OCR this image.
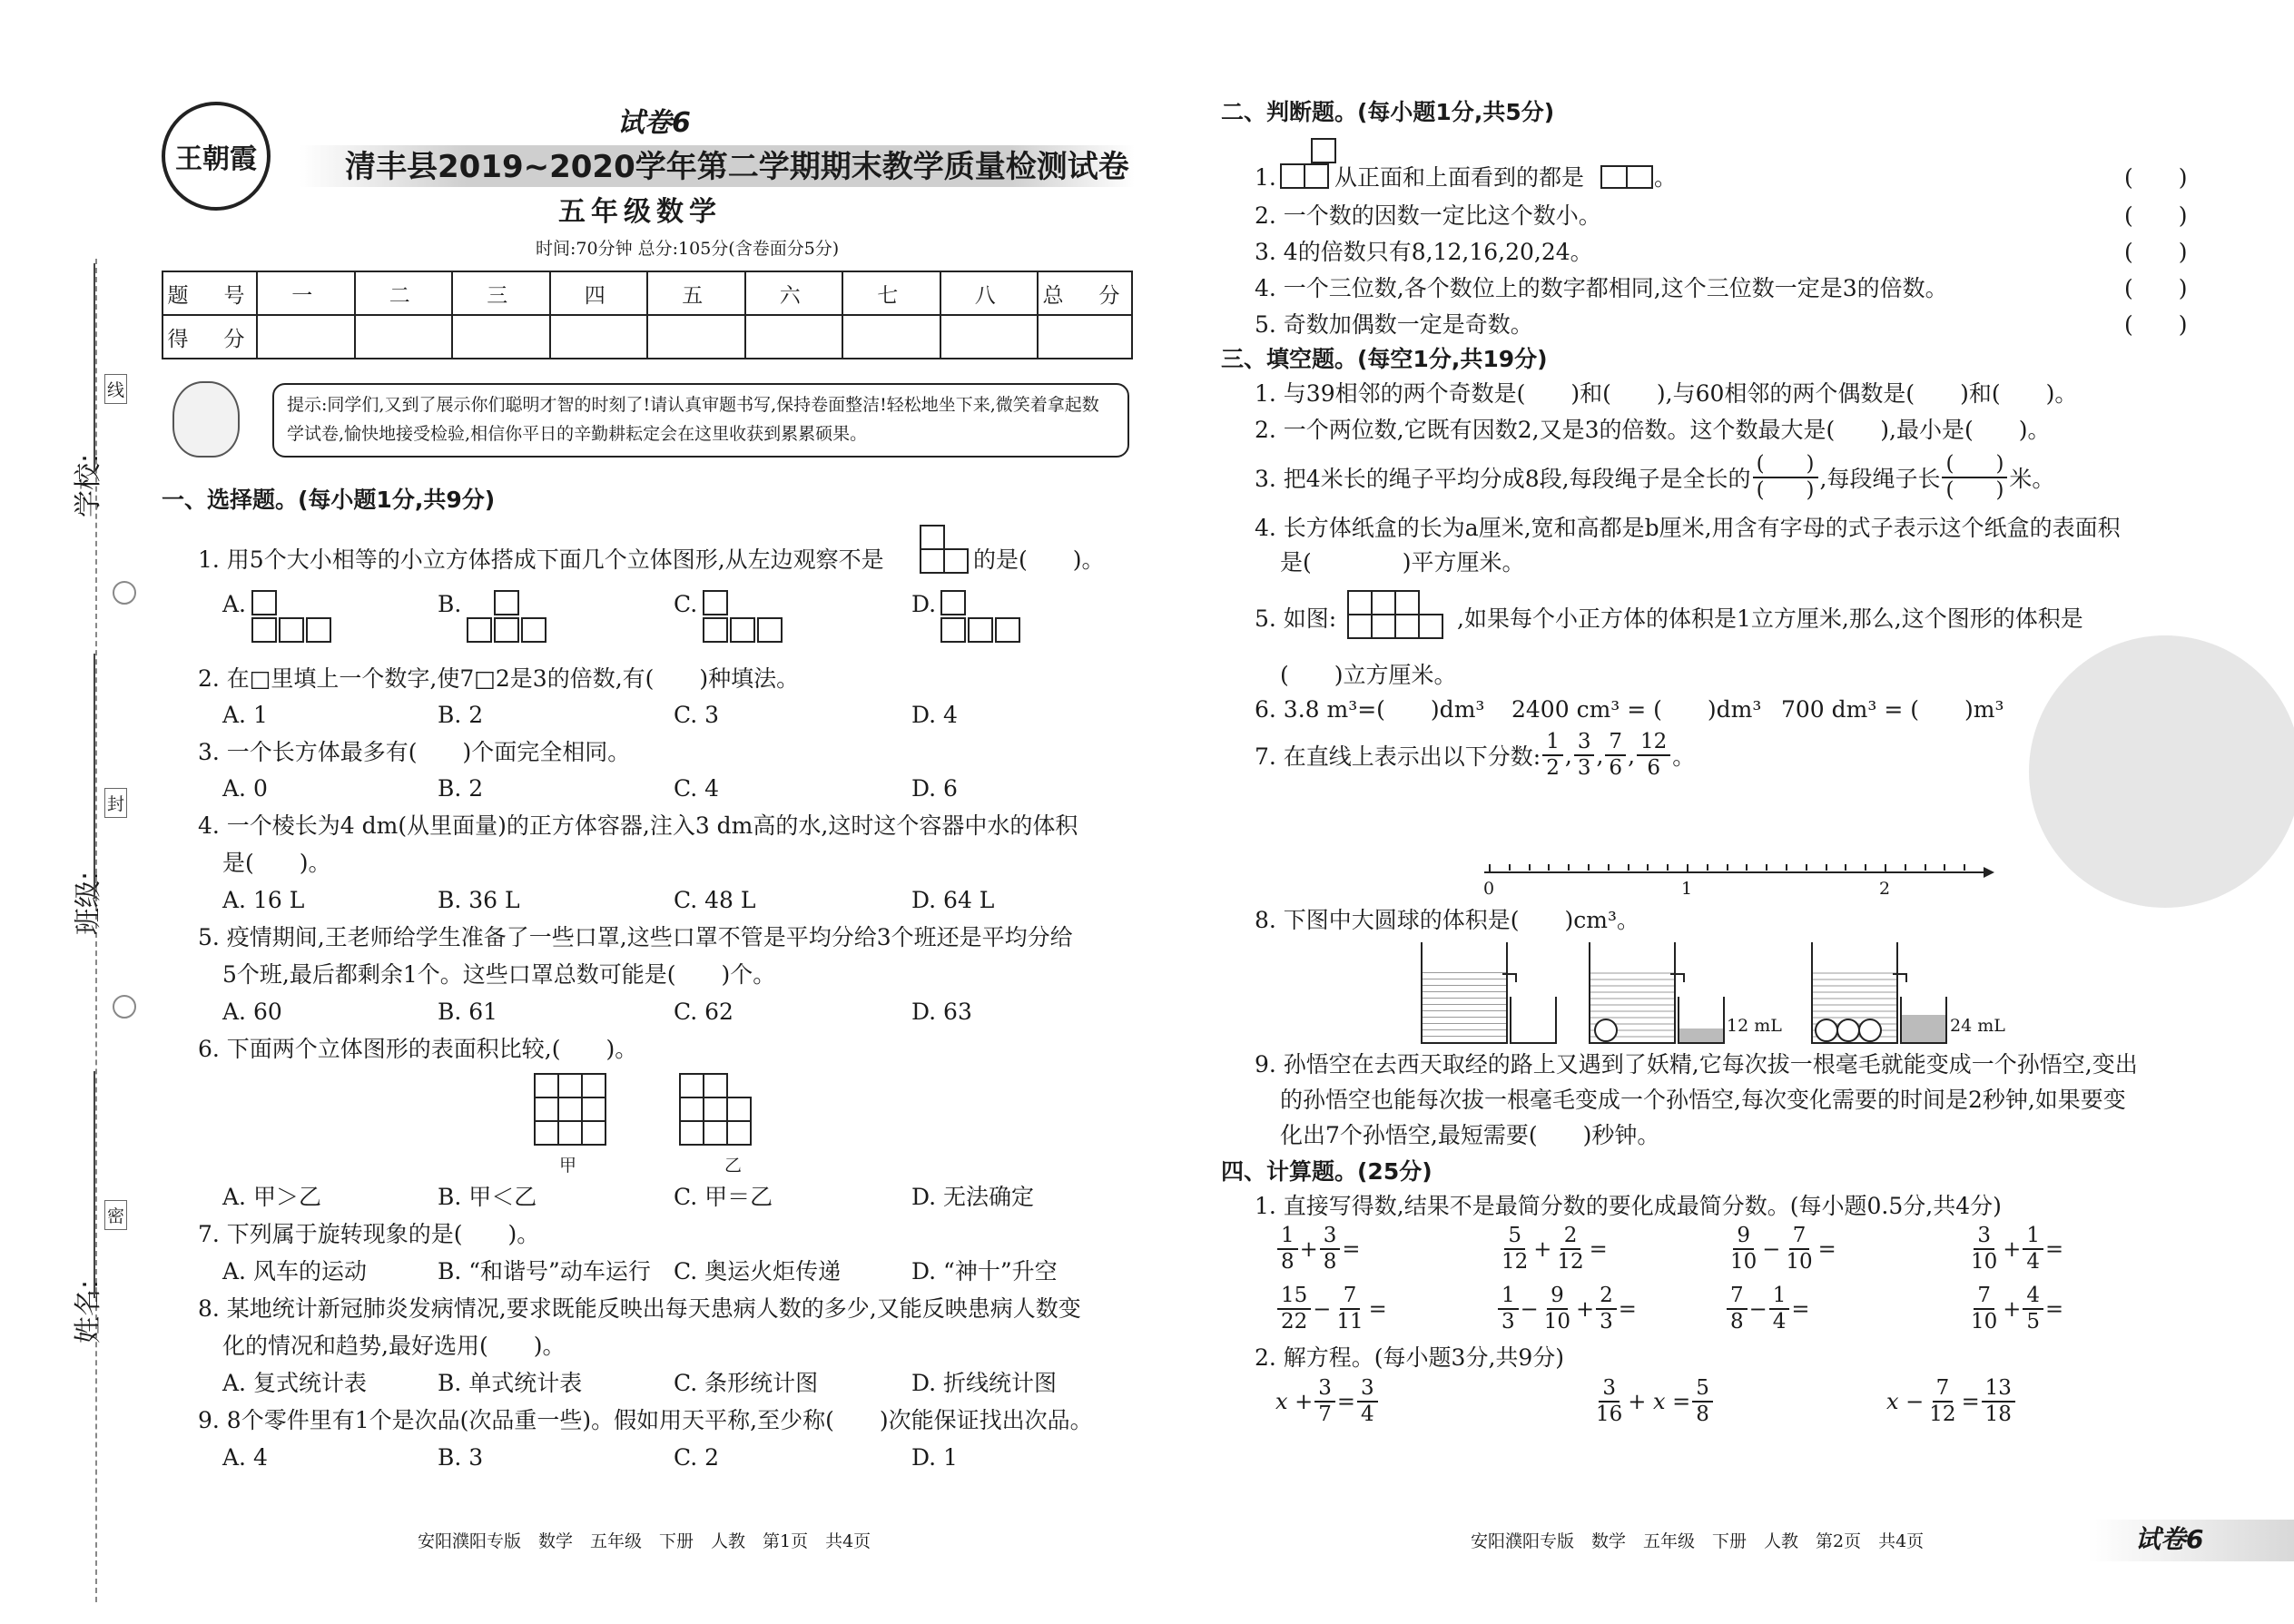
学校:
班级:
姓名:
线
封
密
王朝霞
试卷6
清丰县2019~2020学年第二学期期末教学质量检测试卷
五年级数学
时间:70分钟 总分:105分(含卷面分5分)
题　号	一	二	三	四	五	六	七	八	总　分
得　分									
提示:同学们,又到了展示你们聪明才智的时刻了!请认真审题书写,保持卷面整洁!轻松地坐下来,微笑着拿起数学试卷,愉快地接受检验,相信你平日的辛勤耕耘定会在这里收获到累累硕果。
一、选择题。(每小题1分,共9分)
1. 用5个大小相等的小立方体搭成下面几个立体图形,从左边观察不是	的是(　　)。
A.	B.	C.	D.
2. 在□里填上一个数字,使7□2是3的倍数,有(　　)种填法。
A. 1	B. 2	C. 3	D. 4
3. 一个长方体最多有(　　)个面完全相同。
A. 0	B. 2	C. 4	D. 6
4. 一个棱长为4 dm(从里面量)的正方体容器,注入3 dm高的水,这时这个容器中水的体积
是(　　)。
A. 16 L	B. 36 L	C. 48 L	D. 64 L
5. 疫情期间,王老师给学生准备了一些口罩,这些口罩不管是平均分给3个班还是平均分给
5个班,最后都剩余1个。这些口罩总数可能是(　　)个。
A. 60	B. 61	C. 62	D. 63
6. 下面两个立体图形的表面积比较,(　　)。
甲	乙
A. 甲＞乙	B. 甲＜乙	C. 甲＝乙	D. 无法确定
7. 下列属于旋转现象的是(　　)。
A. 风车的运动	B. “和谐号”动车运行 C. 奥运火炬传递	D. “神十”升空
8. 某地统计新冠肺炎发病情况,要求既能反映出每天患病人数的多少,又能反映患病人数变
化的情况和趋势,最好选用(　　)。
A. 复式统计表	B. 单式统计表	C. 条形统计图	D. 折线统计图
9. 8个零件里有1个是次品(次品重一些)。假如用天平称,至少称(　　)次能保证找出次品。
A. 4	B. 3	C. 2	D. 1
安阳濮阳专版　数学　五年级　下册　人教　第1页　共4页
二、判断题。(每小题1分,共5分)
1.	从正面和上面看到的都是	。	(　　)
2. 一个数的因数一定比这个数小。	(　　)
3. 4的倍数只有8,12,16,20,24。	(　　)
4. 一个三位数,各个数位上的数字都相同,这个三位数一定是3的倍数。	(　　)
5. 奇数加偶数一定是奇数。	(　　)
三、填空题。(每空1分,共19分)
1. 与39相邻的两个奇数是(　　)和(　　),与60相邻的两个偶数是(　　)和(　　)。
2. 一个两位数,它既有因数2,又是3的倍数。这个数最大是(　　),最小是(　　)。
3. 把4米长的绳子平均分成8段,每段绳子是全长的 $\frac{( )}{( )}$ ,每段绳子长 $\frac{( )}{( )}$ 米。
4. 长方体纸盒的长为a厘米,宽和高都是b厘米,用含有字母的式子表示这个纸盒的表面积
是(　　　　)平方厘米。
5. 如图:	,如果每个小正方体的体积是1立方厘米,那么,这个图形的体积是
(　　)立方厘米。
6. 3.8 m³=(　　)dm³ 2400 cm³ = (　　)dm³ 700 dm³ = (　　)m³
7. 在直线上表示出以下分数: $\frac{1}{2}$ , $\frac{3}{3}$ , $\frac{7}{6}$ , $\frac{12}{6}$ 。
0	1	2
8. 下图中大圆球的体积是(　　)cm³。
12 mL	24 mL
9. 孙悟空在去西天取经的路上又遇到了妖精,它每次拔一根毫毛就能变成一个孙悟空,变出
的孙悟空也能每次拔一根毫毛变成一个孙悟空,每次变化需要的时间是2秒钟,如果要变
化出7个孙悟空,最短需要(　　)秒钟。
四、计算题。(25分)
1. 直接写得数,结果不是最简分数的要化成最简分数。(每小题0.5分,共4分)
$\frac{1}{8} + \frac{3}{8}$ =	$\frac{5}{12} + \frac{2}{12}$ =	$\frac{9}{10} - \frac{7}{10}$ =	$\frac{3}{10} + \frac{1}{4}$ =
$\frac{15}{22} - \frac{7}{11}$ =	$\frac{1}{3} - \frac{9}{10} + \frac{2}{3}$ =	$\frac{7}{8} - \frac{1}{4}$ =	$\frac{7}{10} + \frac{4}{5}$ =
2. 解方程。(每小题3分,共9分)
$x + \frac{3}{7} = \frac{3}{4}$	$\frac{3}{16} + x = \frac{5}{8}$	$x - \frac{7}{12} = \frac{13}{18}$
安阳濮阳专版　数学　五年级　下册　人教　第2页　共4页	试卷6
